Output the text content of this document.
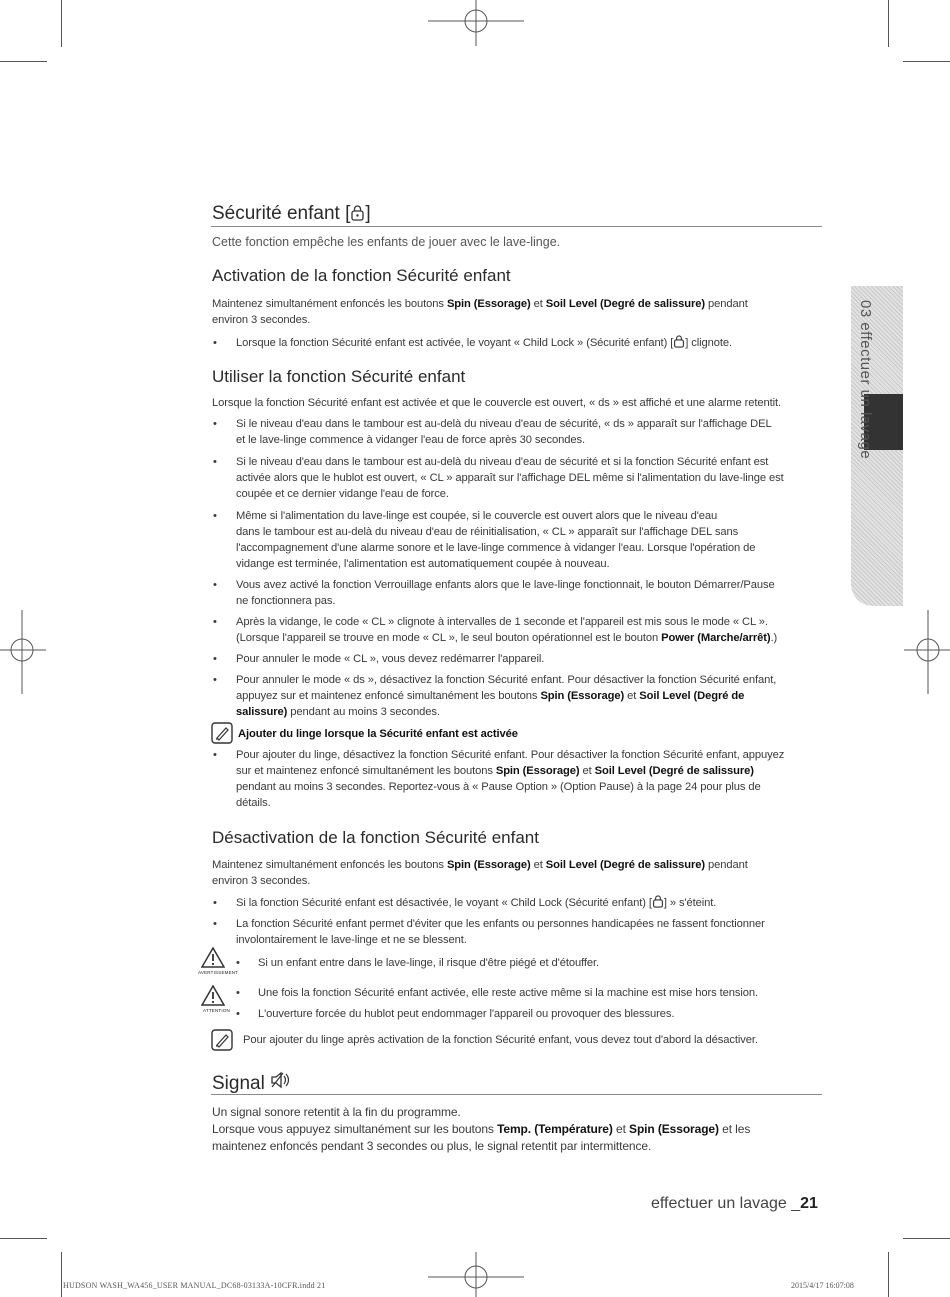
03 effectuer un lavage
Sécurité enfant [ ]
Cette fonction empêche les enfants de jouer avec le lave-linge.
Activation de la fonction Sécurité enfant
Maintenez simultanément enfoncés les boutons Spin (Essorage) et Soil Level (Degré de salissure) pendant
environ 3 secondes.
• Lorsque la fonction Sécurité enfant est activée, le voyant « Child Lock » (Sécurité enfant) [ ] clignote.
Utiliser la fonction Sécurité enfant
Lorsque la fonction Sécurité enfant est activée et que le couvercle est ouvert, « ds » est affiché et une alarme retentit.
• Si le niveau d'eau dans le tambour est au-delà du niveau d'eau de sécurité, « ds » apparaît sur l'affichage DEL
et le lave-linge commence à vidanger l'eau de force après 30 secondes.
• Si le niveau d'eau dans le tambour est au-delà du niveau d'eau de sécurité et si la fonction Sécurité enfant est
activée alors que le hublot est ouvert, « CL » apparaît sur l'affichage DEL même si l'alimentation du lave-linge est
coupée et ce dernier vidange l'eau de force.
• Même si l'alimentation du lave-linge est coupée, si le couvercle est ouvert alors que le niveau d'eau
dans le tambour est au-delà du niveau d'eau de réinitialisation, « CL » apparaît sur l'affichage DEL sans
l'accompagnement d'une alarme sonore et le lave-linge commence à vidanger l'eau. Lorsque l'opération de
vidange est terminée, l'alimentation est automatiquement coupée à nouveau.
• Vous avez activé la fonction Verrouillage enfants alors que le lave-linge fonctionnait, le bouton Démarrer/Pause
ne fonctionnera pas.
• Après la vidange, le code « CL » clignote à intervalles de 1 seconde et l'appareil est mis sous le mode « CL ».
(Lorsque l'appareil se trouve en mode « CL », le seul bouton opérationnel est le bouton Power (Marche/arrêt).)
• Pour annuler le mode « CL », vous devez redémarrer l'appareil.
• Pour annuler le mode « ds », désactivez la fonction Sécurité enfant. Pour désactiver la fonction Sécurité enfant,
appuyez sur et maintenez enfoncé simultanément les boutons Spin (Essorage) et Soil Level (Degré de
salissure) pendant au moins 3 secondes.
Ajouter du linge lorsque la Sécurité enfant est activée
• Pour ajouter du linge, désactivez la fonction Sécurité enfant. Pour désactiver la fonction Sécurité enfant, appuyez
sur et maintenez enfoncé simultanément les boutons Spin (Essorage) et Soil Level (Degré de salissure)
pendant au moins 3 secondes. Reportez-vous à « Pause Option » (Option Pause) à la page 24 pour plus de
détails.
Désactivation de la fonction Sécurité enfant
Maintenez simultanément enfoncés les boutons Spin (Essorage) et Soil Level (Degré de salissure) pendant
environ 3 secondes.
• Si la fonction Sécurité enfant est désactivée, le voyant « Child Lock (Sécurité enfant) [ ] » s'éteint.
• La fonction Sécurité enfant permet d'éviter que les enfants ou personnes handicapées ne fassent fonctionner
involontairement le lave-linge et ne se blessent.
AVERTISSEMENT
• Si un enfant entre dans le lave-linge, il risque d'être piégé et d'étouffer.
ATTENTION
• Une fois la fonction Sécurité enfant activée, elle reste active même si la machine est mise hors tension.
• L'ouverture forcée du hublot peut endommager l'appareil ou provoquer des blessures.
Pour ajouter du linge après activation de la fonction Sécurité enfant, vous devez tout d'abord la désactiver.
Signal
Un signal sonore retentit à la fin du programme.
Lorsque vous appuyez simultanément sur les boutons Temp. (Température) et Spin (Essorage) et les
maintenez enfoncés pendant 3 secondes ou plus, le signal retentit par intermittence.
effectuer un lavage _21
HUDSON WASH_WA456_USER MANUAL_DC68-03133A-10CFR.indd 21	2015/4/17 16:07:08
